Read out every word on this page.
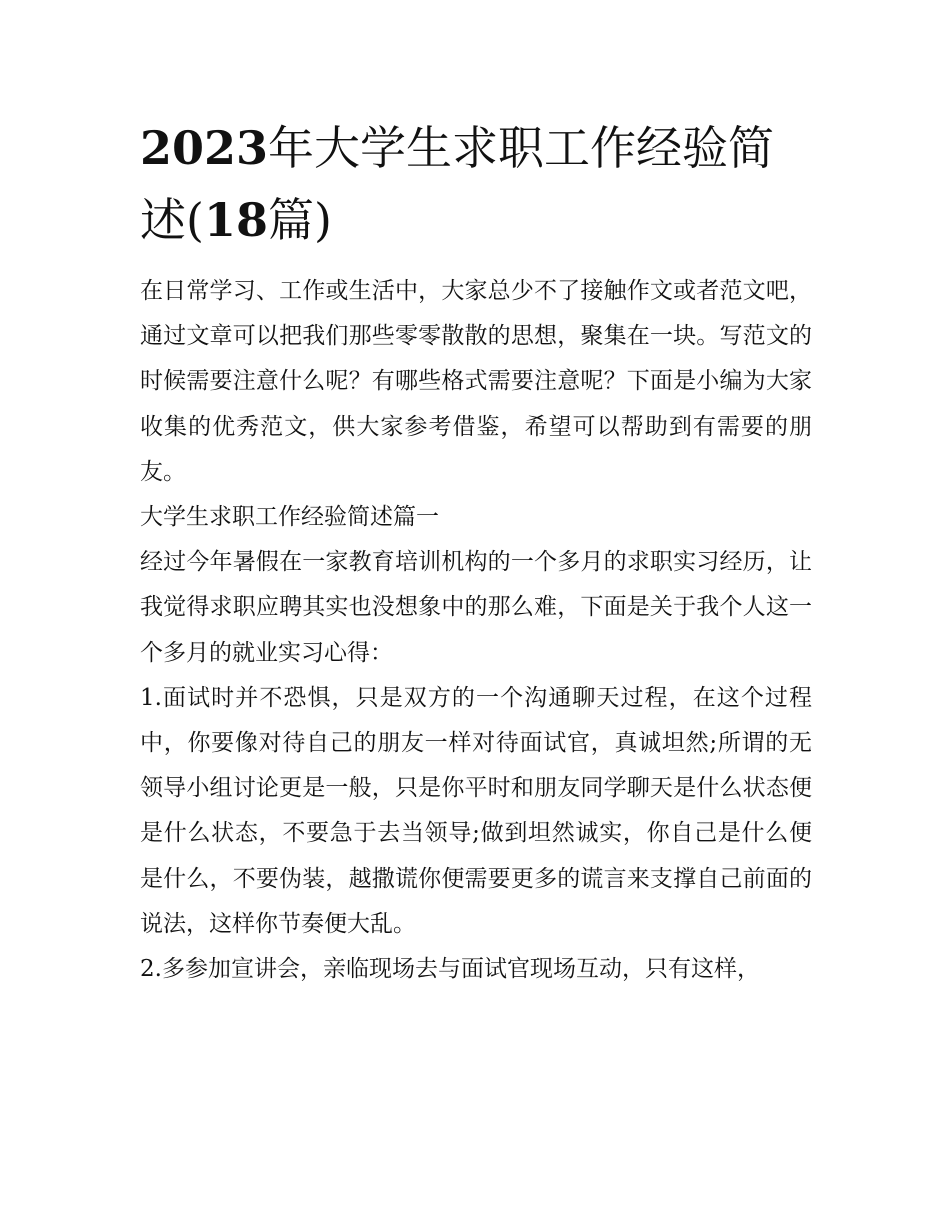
2023年大学生求职工作经验简述(18篇)

在日常学习、工作或生活中，大家总少不了接触作文或者范文吧，通过文章可以把我们那些零零散散的思想，聚集在一块。写范文的时候需要注意什么呢？有哪些格式需要注意呢？下面是小编为大家收集的优秀范文，供大家参考借鉴，希望可以帮助到有需要的朋友。

大学生求职工作经验简述篇一

经过今年暑假在一家教育培训机构的一个多月的求职实习经历，让我觉得求职应聘其实也没想象中的那么难，下面是关于我个人这一个多月的就业实习心得：

1.面试时并不恐惧，只是双方的一个沟通聊天过程，在这个过程中，你要像对待自己的朋友一样对待面试官，真诚坦然;所谓的无领导小组讨论更是一般，只是你平时和朋友同学聊天是什么状态便是什么状态，不要急于去当领导;做到坦然诚实，你自己是什么便是什么，不要伪装，越撒谎你便需要更多的谎言来支撑自己前面的说法，这样你节奏便大乱。

2.多参加宣讲会，亲临现场去与面试官现场互动，只有这样，
